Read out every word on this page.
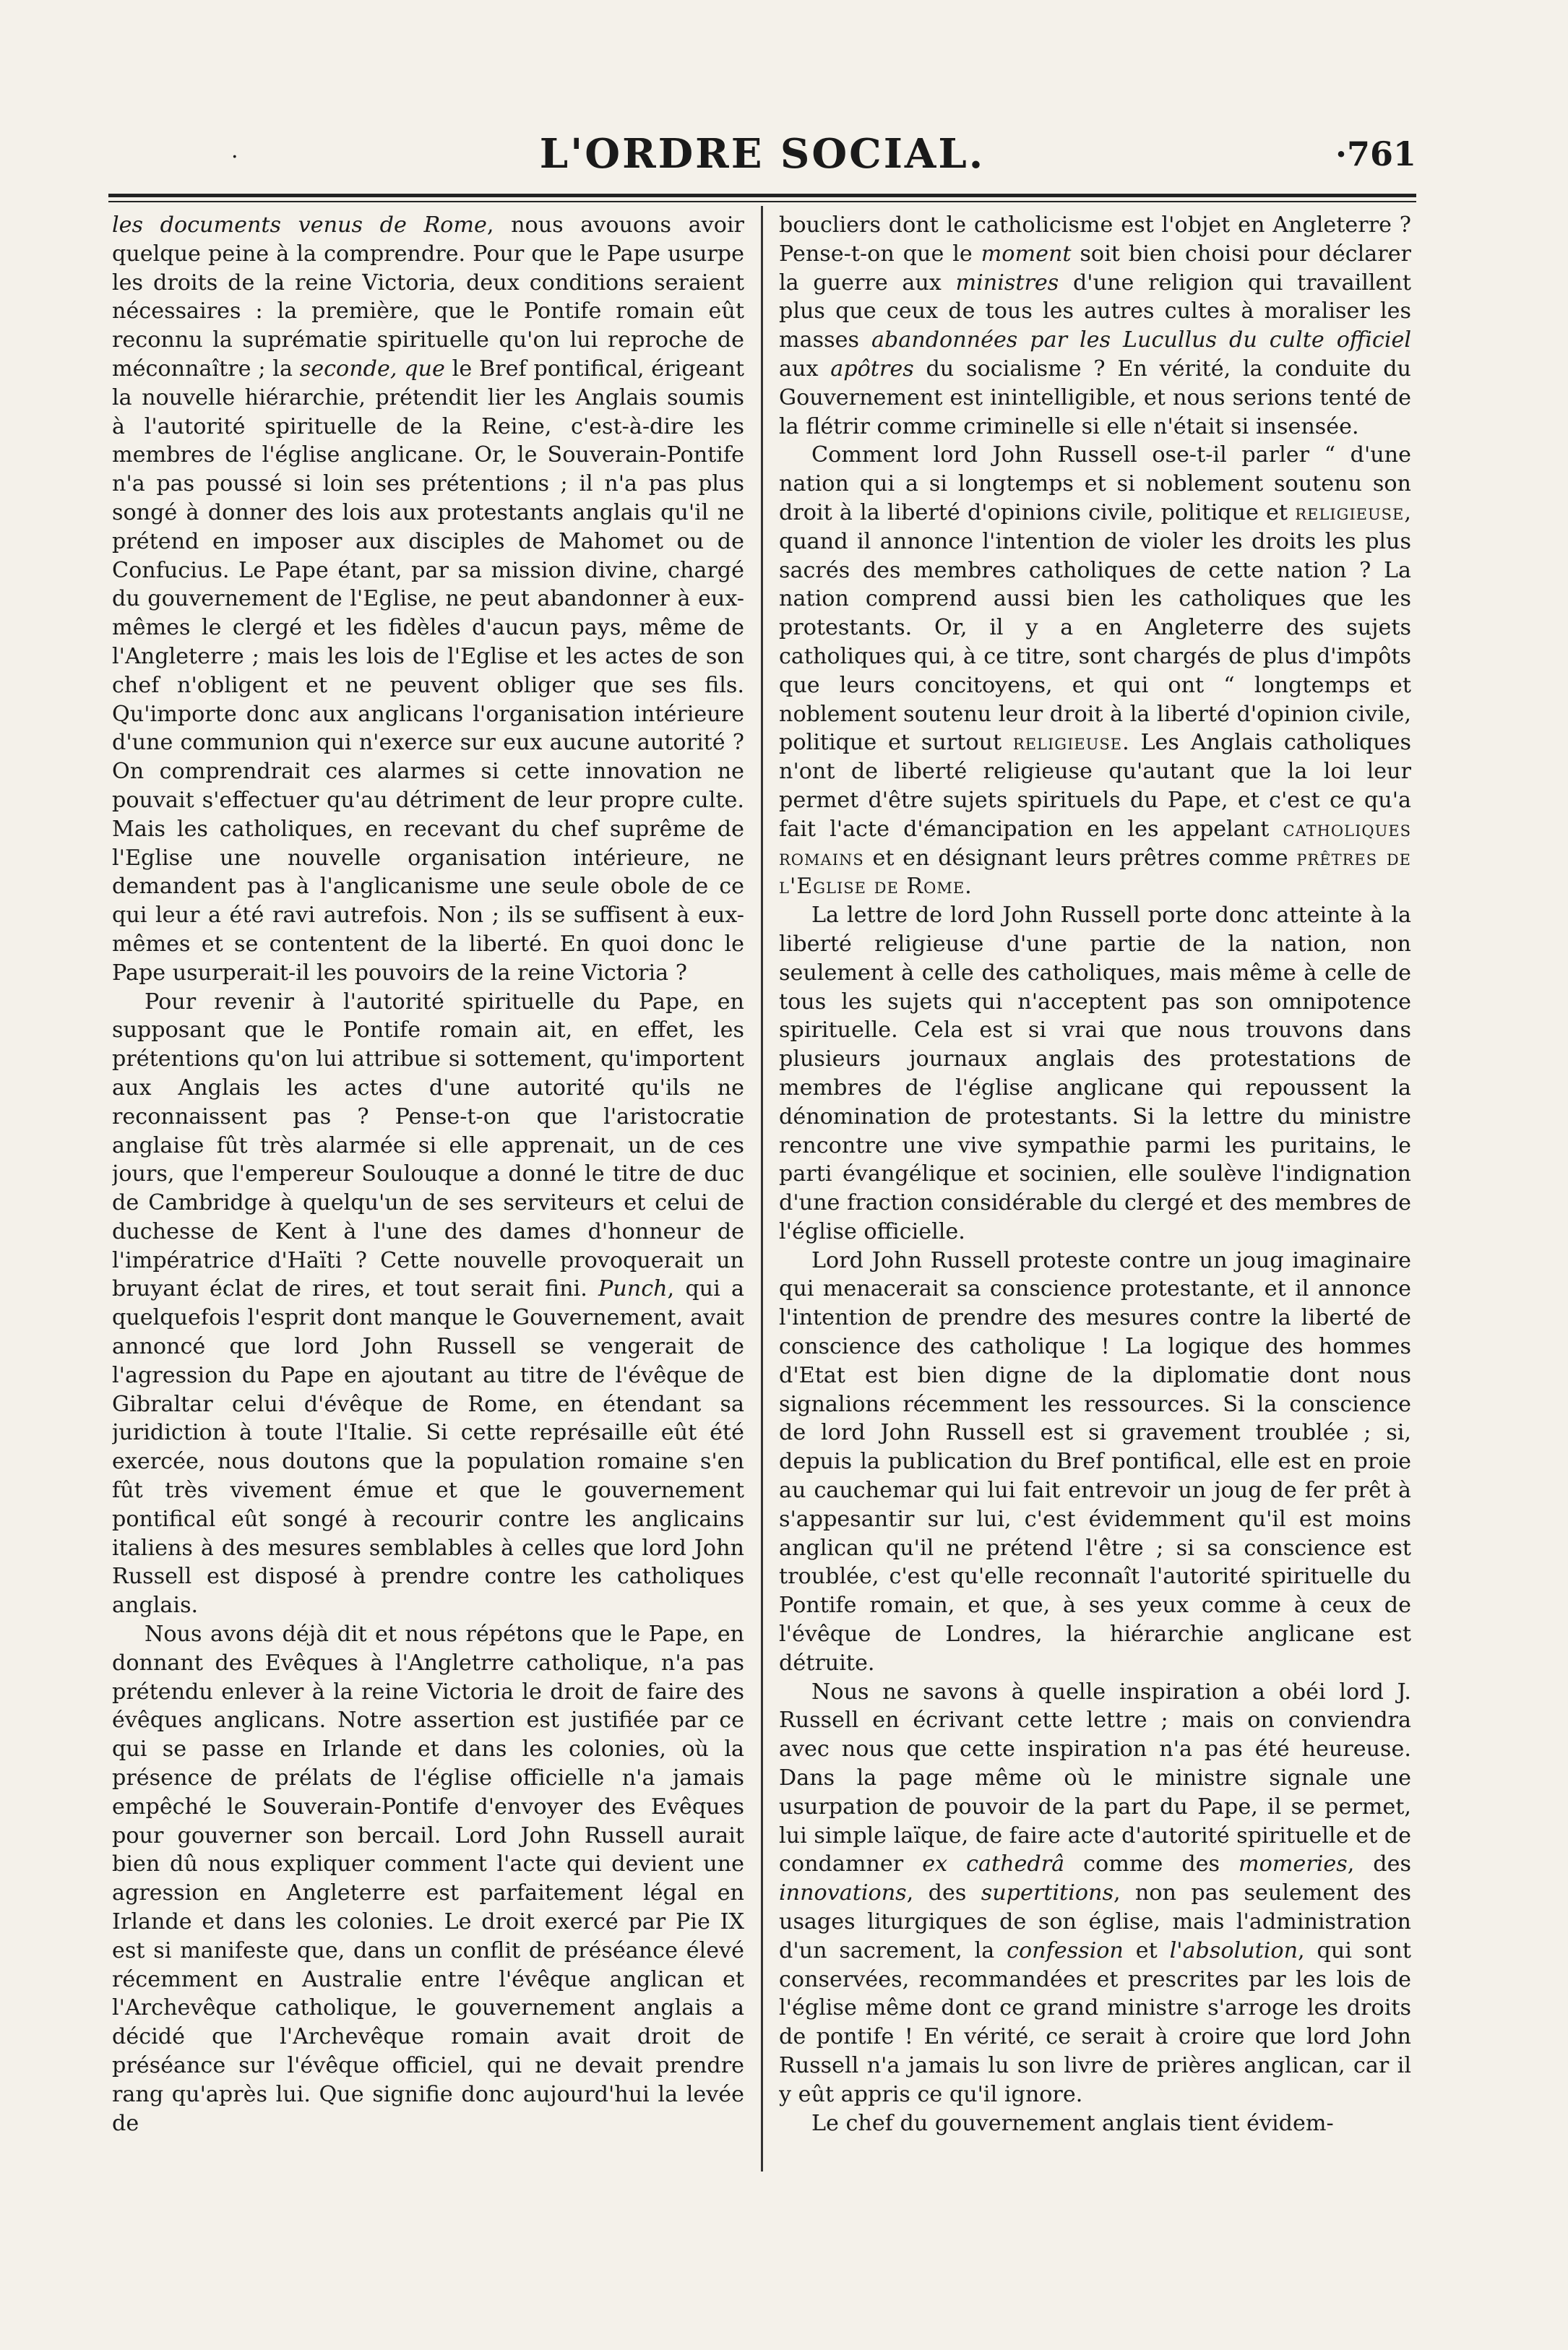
·	L'ORDRE SOCIAL.	·761

les documents venus de Rome, nous avouons avoir quelque peine à la comprendre. Pour que le Pape usurpe les droits de la reine Victoria, deux conditions seraient nécessaires : la première, que le Pontife romain eût reconnu la suprématie spirituelle qu'on lui reproche de méconnaître ; la seconde, que le Bref pontifical, érigeant la nouvelle hiérarchie, prétendit lier les Anglais soumis à l'autorité spirituelle de la Reine, c'est-à-dire les membres de l'église anglicane. Or, le Souverain-Pontife n'a pas poussé si loin ses prétentions ; il n'a pas plus songé à donner des lois aux protestants anglais qu'il ne prétend en imposer aux disciples de Mahomet ou de Confucius. Le Pape étant, par sa mission divine, chargé du gouvernement de l'Eglise, ne peut abandonner à eux-mêmes le clergé et les fidèles d'aucun pays, même de l'Angleterre ; mais les lois de l'Eglise et les actes de son chef n'obligent et ne peuvent obliger que ses fils. Qu'importe donc aux anglicans l'organisation intérieure d'une communion qui n'exerce sur eux aucune autorité ? On comprendrait ces alarmes si cette innovation ne pouvait s'effectuer qu'au détriment de leur propre culte. Mais les catholiques, en recevant du chef suprême de l'Eglise une nouvelle organisation intérieure, ne demandent pas à l'anglicanisme une seule obole de ce qui leur a été ravi autrefois. Non ; ils se suffisent à eux-mêmes et se contentent de la liberté. En quoi donc le Pape usurperait-il les pouvoirs de la reine Victoria ?

Pour revenir à l'autorité spirituelle du Pape, en supposant que le Pontife romain ait, en effet, les prétentions qu'on lui attribue si sottement, qu'importent aux Anglais les actes d'une autorité qu'ils ne reconnaissent pas ? Pense-t-on que l'aristocratie anglaise fût très alarmée si elle apprenait, un de ces jours, que l'empereur Soulouque a donné le titre de duc de Cambridge à quelqu'un de ses serviteurs et celui de duchesse de Kent à l'une des dames d'honneur de l'impératrice d'Haïti ? Cette nouvelle provoquerait un bruyant éclat de rires, et tout serait fini. Punch, qui a quelquefois l'esprit dont manque le Gouvernement, avait annoncé que lord John Russell se vengerait de l'agression du Pape en ajoutant au titre de l'évêque de Gibraltar celui d'évêque de Rome, en étendant sa juridiction à toute l'Italie. Si cette représaille eût été exercée, nous doutons que la population romaine s'en fût très vivement émue et que le gouvernement pontifical eût songé à recourir contre les anglicains italiens à des mesures semblables à celles que lord John Russell est disposé à prendre contre les catholiques anglais.

Nous avons déjà dit et nous répétons que le Pape, en donnant des Evêques à l'Angletrre catholique, n'a pas prétendu enlever à la reine Victoria le droit de faire des évêques anglicans. Notre assertion est justifiée par ce qui se passe en Irlande et dans les colonies, où la présence de prélats de l'église officielle n'a jamais empêché le Souverain-Pontife d'envoyer des Evêques pour gouverner son bercail. Lord John Russell aurait bien dû nous expliquer comment l'acte qui devient une agression en Angleterre est parfaitement légal en Irlande et dans les colonies. Le droit exercé par Pie IX est si manifeste que, dans un conflit de préséance élevé récemment en Australie entre l'évêque anglican et l'Archevêque catholique, le gouvernement anglais a décidé que l'Archevêque romain avait droit de préséance sur l'évêque officiel, qui ne devait prendre rang qu'après lui. Que signifie donc aujourd'hui la levée de

boucliers dont le catholicisme est l'objet en Angleterre ? Pense-t-on que le moment soit bien choisi pour déclarer la guerre aux ministres d'une religion qui travaillent plus que ceux de tous les autres cultes à moraliser les masses abandonnées par les Lucullus du culte officiel aux apôtres du socialisme ? En vérité, la conduite du Gouvernement est inintelligible, et nous serions tenté de la flétrir comme criminelle si elle n'était si insensée.

Comment lord John Russell ose-t-il parler “ d'une nation qui a si longtemps et si noblement soutenu son droit à la liberté d'opinions civile, politique et religieuse, quand il annonce l'intention de violer les droits les plus sacrés des membres catholiques de cette nation ? La nation comprend aussi bien les catholiques que les protestants. Or, il y a en Angleterre des sujets catholiques qui, à ce titre, sont chargés de plus d'impôts que leurs concitoyens, et qui ont “ longtemps et noblement soutenu leur droit à la liberté d'opinion civile, politique et surtout religieuse. Les Anglais catholiques n'ont de liberté religieuse qu'autant que la loi leur permet d'être sujets spirituels du Pape, et c'est ce qu'a fait l'acte d'émancipation en les appelant catholiques romains et en désignant leurs prêtres comme prêtres de l'Eglise de Rome.

La lettre de lord John Russell porte donc atteinte à la liberté religieuse d'une partie de la nation, non seulement à celle des catholiques, mais même à celle de tous les sujets qui n'acceptent pas son omnipotence spirituelle. Cela est si vrai que nous trouvons dans plusieurs journaux anglais des protestations de membres de l'église anglicane qui repoussent la dénomination de protestants. Si la lettre du ministre rencontre une vive sympathie parmi les puritains, le parti évangélique et socinien, elle soulève l'indignation d'une fraction considérable du clergé et des membres de l'église officielle.

Lord John Russell proteste contre un joug imaginaire qui menacerait sa conscience protestante, et il annonce l'intention de prendre des mesures contre la liberté de conscience des catholique ! La logique des hommes d'Etat est bien digne de la diplomatie dont nous signalions récemment les ressources. Si la conscience de lord John Russell est si gravement troublée ; si, depuis la publication du Bref pontifical, elle est en proie au cauchemar qui lui fait entrevoir un joug de fer prêt à s'appesantir sur lui, c'est évidemment qu'il est moins anglican qu'il ne prétend l'être ; si sa conscience est troublée, c'est qu'elle reconnaît l'autorité spirituelle du Pontife romain, et que, à ses yeux comme à ceux de l'évêque de Londres, la hiérarchie anglicane est détruite.

Nous ne savons à quelle inspiration a obéi lord J. Russell en écrivant cette lettre ; mais on conviendra avec nous que cette inspiration n'a pas été heureuse. Dans la page même où le ministre signale une usurpation de pouvoir de la part du Pape, il se permet, lui simple laïque, de faire acte d'autorité spirituelle et de condamner ex cathedrâ comme des momeries, des innovations, des supertitions, non pas seulement des usages liturgiques de son église, mais l'administration d'un sacrement, la confession et l'absolution, qui sont conservées, recommandées et prescrites par les lois de l'église même dont ce grand ministre s'arroge les droits de pontife ! En vérité, ce serait à croire que lord John Russell n'a jamais lu son livre de prières anglican, car il y eût appris ce qu'il ignore.

Le chef du gouvernement anglais tient évidem-
